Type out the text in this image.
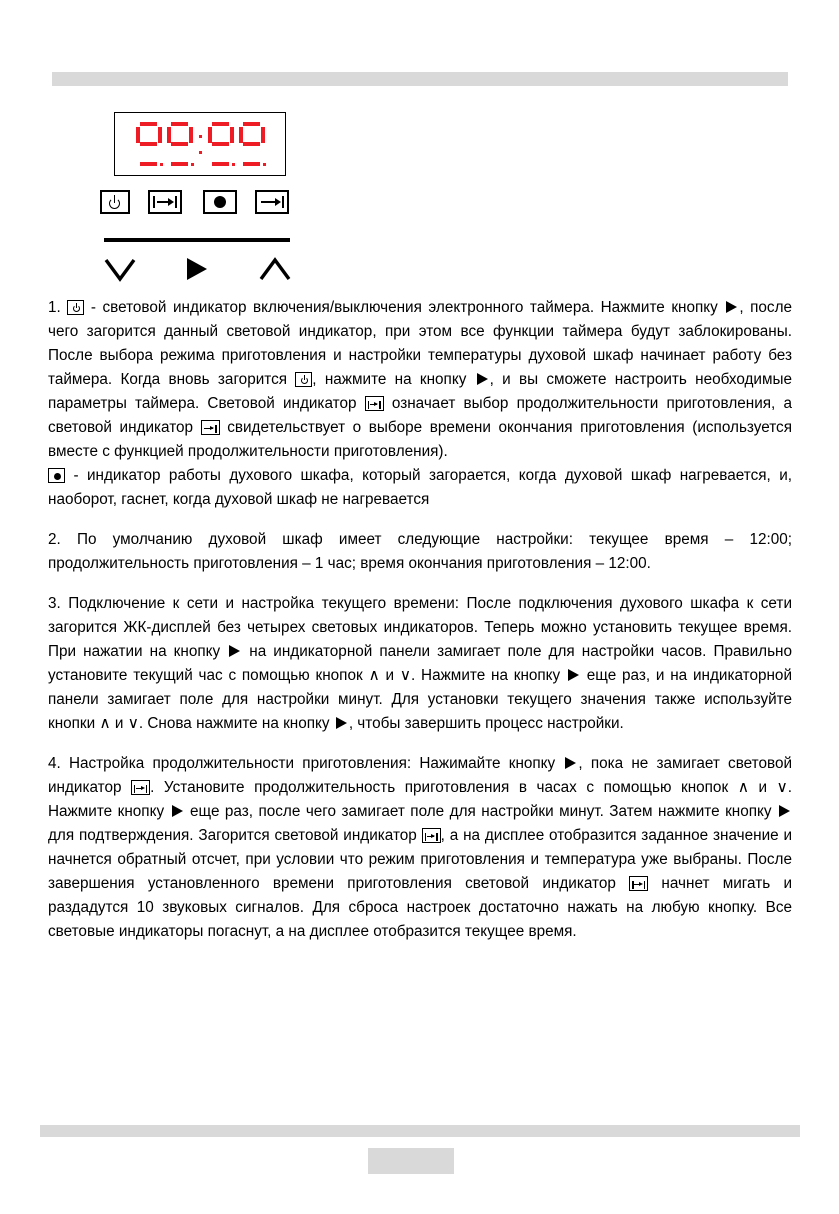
1.
- световой индикатор включения/выключения электронного таймера. Нажмите кнопку , после чего загорится данный световой индикатор, при этом все функции таймера будут заблокированы. После выбора режима приготовления и настройки температуры духовой шкаф начинает работу без таймера. Когда вновь загорится
, нажмите на кнопку , и вы сможете настроить необходимые параметры таймера. Световой индикатор
означает выбор продолжительности приготовления, а световой индикатор
свидетельствует о выборе времени окончания приготовления (используется вместе с функцией продолжительности приготовления).

- индикатор работы духового шкафа, который загорается, когда духовой шкаф нагревается, и, наоборот, гаснет, когда духовой шкаф не нагревается

2. По умолчанию духовой шкаф имеет следующие настройки: текущее время – 12:00; продолжительность приготовления – 1 час; время окончания приготовления – 12:00.

3. Подключение к сети и настройка текущего времени: После подключения духового шкафа к сети загорится ЖК-дисплей без четырех световых индикаторов. Теперь можно установить текущее время. При нажатии на кнопку  на индикаторной панели замигает поле для настройки часов. Правильно установите текущий час с помощью кнопок ∧ и ∨. Нажмите на кнопку  еще раз, и на индикаторной панели замигает поле для настройки минут. Для установки текущего значения также используйте кнопки ∧ и ∨. Снова нажмите на кнопку , чтобы завершить процесс настройки.

4. Настройка продолжительности приготовления: Нажимайте кнопку , пока не замигает световой индикатор
. Установите продолжительность приготовления в часах с помощью кнопок ∧ и ∨. Нажмите кнопку  еще раз, после чего замигает поле для настройки минут. Затем нажмите кнопку  для подтверждения. Загорится световой индикатор
, а на дисплее отобразится заданное значение и начнется обратный отсчет, при условии что режим приготовления и температура уже выбраны. После завершения установленного времени приготовления световой индикатор
начнет мигать и раздадутся 10 звуковых сигналов. Для сброса настроек достаточно нажать на любую кнопку. Все световые индикаторы погаснут, а на дисплее отобразится текущее время.
